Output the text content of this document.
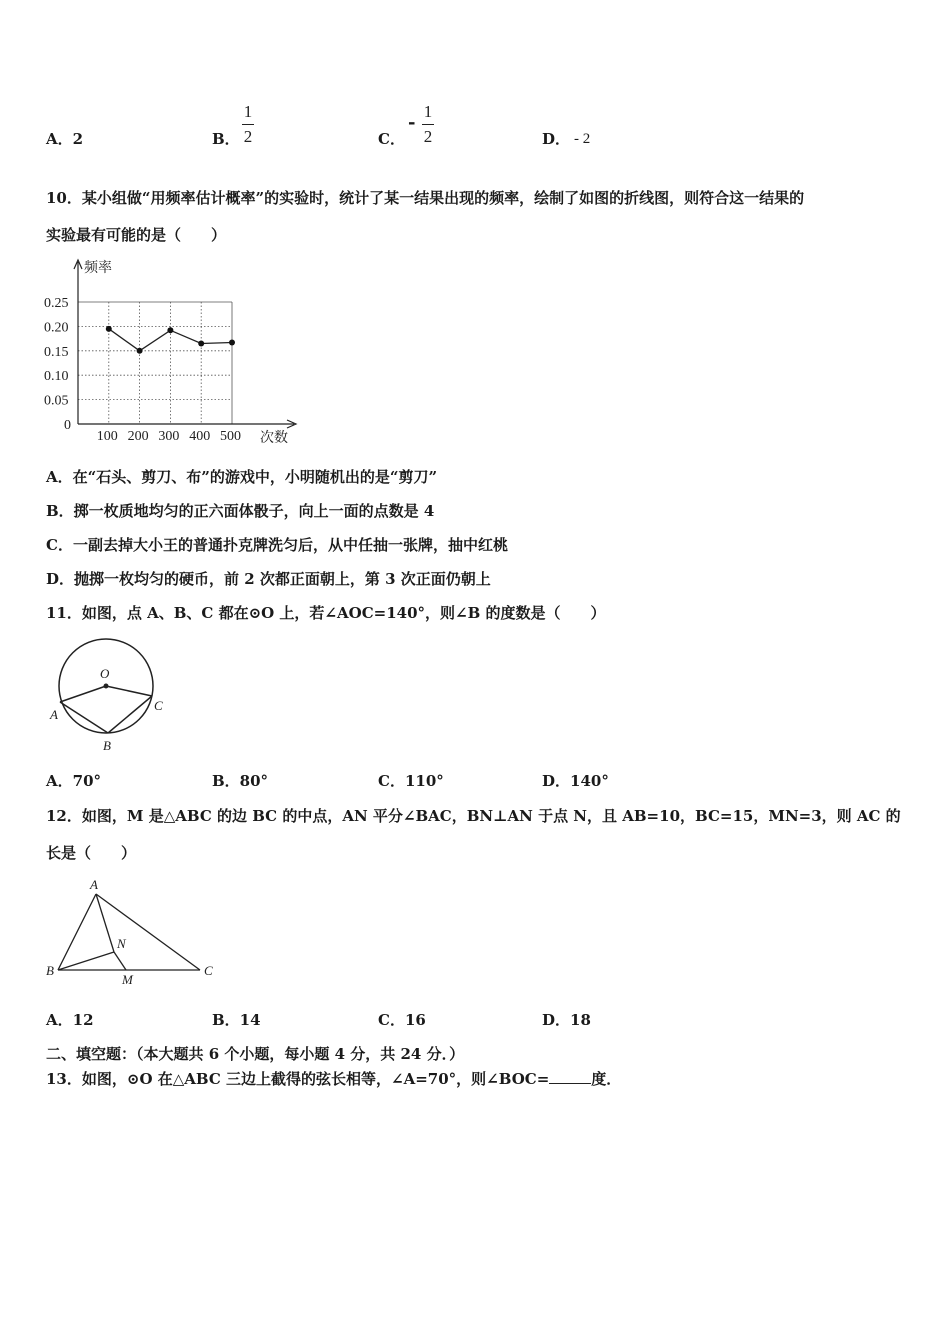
A．2	B．
1
2	C．
-
1
2	D． - 2
10．某小组做“用频率估计概率”的实验时，统计了某一结果出现的频率，绘制了如图的折线图，则符合这一结果的
实验最有可能的是（　　）
0.25
0.20
0.15
0.10
0.05
100 200 300 400 500
频率
次数
0
A．在“石头、剪刀、布”的游戏中，小明随机出的是“剪刀”
B．掷一枚质地均匀的正六面体骰子，向上一面的点数是 4
C．一副去掉大小王的普通扑克牌洗匀后，从中任抽一张牌，抽中红桃
D．抛掷一枚均匀的硬币，前 2 次都正面朝上，第 3 次正面仍朝上
11．如图，点 A、B、C 都在⊙O 上，若∠AOC=140°，则∠B 的度数是（　　）
O
A
C
B
A．70°	B．80°	C．110°	D．140°
12．如图，M 是△ABC 的边 BC 的中点，AN 平分∠BAC，BN⊥AN 于点 N，且 AB=10，BC=15，MN=3，则 AC 的
长是（　　）
A
B	C
N
M
A．12	B．14	C．16	D．18
二、填空题：（本大题共 6 个小题，每小题 4 分，共 24 分．）
13．如图，⊙O 在△ABC 三边上截得的弦长相等，∠A=70°，则∠BOC=	度．
